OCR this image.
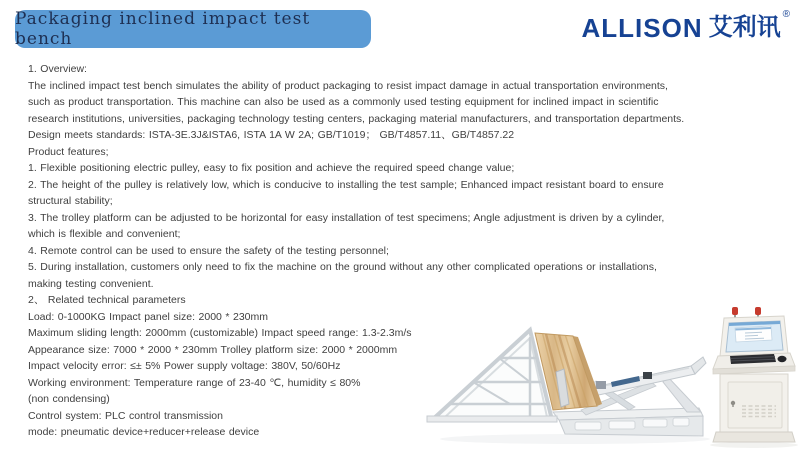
Packaging inclined impact test bench	ALLISON 艾利讯 ®
1. Overview:
The inclined impact test bench simulates the ability of product packaging to resist impact damage in actual transportation environments,
such as product transportation. This machine can also be used as a commonly used testing equipment for inclined impact in scientific
research institutions, universities, packaging technology testing centers, packaging material manufacturers, and transportation departments.
Design meets standards: ISTA-3E.3J&ISTA6, ISTA 1A W 2A; GB/T1019； GB/T4857.11、GB/T4857.22
Product features;
1. Flexible positioning electric pulley, easy to fix position and achieve the required speed change value;
2. The height of the pulley is relatively low, which is conducive to installing the test sample; Enhanced impact resistant board to ensure
structural stability;
3. The trolley platform can be adjusted to be horizontal for easy installation of test specimens; Angle adjustment is driven by a cylinder,
which is flexible and convenient;
4. Remote control can be used to ensure the safety of the testing personnel;
5. During installation, customers only need to fix the machine on the ground without any other complicated operations or installations,
making testing convenient.
2、 Related technical parameters
Load: 0-1000KG Impact panel size: 2000 * 230mm
Maximum sliding length: 2000mm (customizable) Impact speed range: 1.3-2.3m/s
Appearance size: 7000 * 2000 * 230mm Trolley platform size: 2000 * 2000mm
Impact velocity error: ≤± 5% Power supply voltage: 380V, 50/60Hz
Working environment: Temperature range of 23-40 ℃, humidity ≤ 80%
(non condensing)
Control system: PLC control transmission
mode: pneumatic device+reducer+release device
